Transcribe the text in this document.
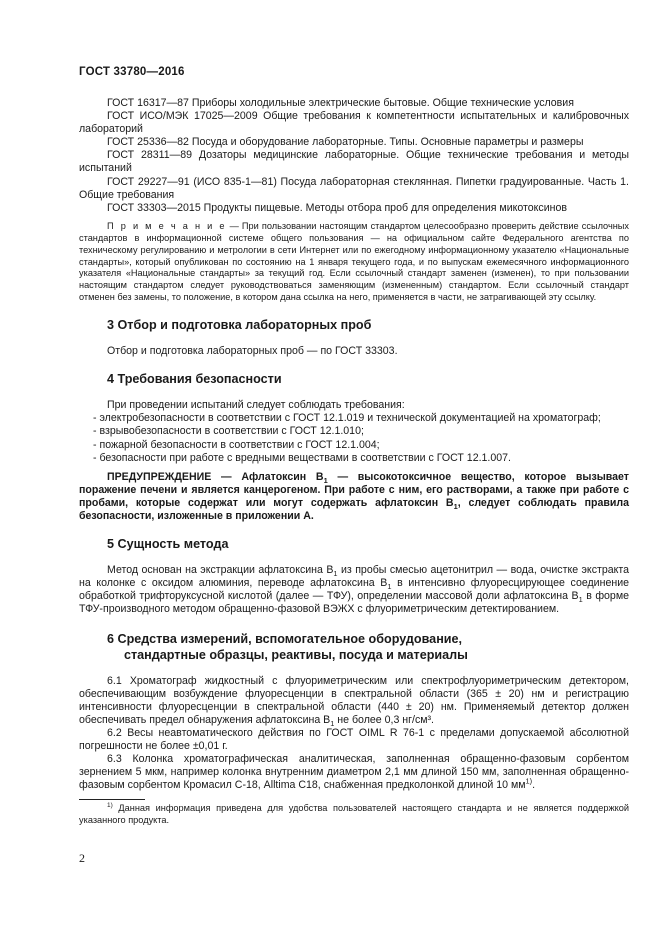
ГОСТ 33780—2016

ГОСТ 16317—87 Приборы холодильные электрические бытовые. Общие технические условия

ГОСТ ИСО/МЭК 17025—2009 Общие требования к компетентности испытательных и калибровочных лабораторий

ГОСТ 25336—82 Посуда и оборудование лабораторные. Типы. Основные параметры и размеры

ГОСТ 28311—89 Дозаторы медицинские лабораторные. Общие технические требования и методы испытаний

ГОСТ 29227—91 (ИСО 835-1—81) Посуда лабораторная стеклянная. Пипетки градуированные. Часть 1. Общие требования

ГОСТ 33303—2015 Продукты пищевые. Методы отбора проб для определения микотоксинов

П р и м е ч а н и е — При пользовании настоящим стандартом целесообразно проверить действие ссылочных стандартов в информационной системе общего пользования — на официальном сайте Федерального агентства по техническому регулированию и метрологии в сети Интернет или по ежегодному информационному указателю «Национальные стандарты», который опубликован по состоянию на 1 января текущего года, и по выпускам ежемесячного информационного указателя «Национальные стандарты» за текущий год. Если ссылочный стандарт заменен (изменен), то при пользовании настоящим стандартом следует руководствоваться заменяющим (измененным) стандартом. Если ссылочный стандарт отменен без замены, то положение, в котором дана ссылка на него, применяется в части, не затрагивающей эту ссылку.

3 Отбор и подготовка лабораторных проб

Отбор и подготовка лабораторных проб — по ГОСТ 33303.

4 Требования безопасности

При проведении испытаний следует соблюдать требования:

- электробезопасности в соответствии с ГОСТ 12.1.019 и технической документацией на хроматограф;

- взрывобезопасности в соответствии с ГОСТ 12.1.010;

- пожарной безопасности в соответствии с ГОСТ 12.1.004;

- безопасности при работе с вредными веществами в соответствии с ГОСТ 12.1.007.

ПРЕДУПРЕЖДЕНИЕ — Афлатоксин $В_1$ — высокотоксичное вещество, которое вызывает поражение печени и является канцерогеном. При работе с ним, его растворами, а также при работе с пробами, которые содержат или могут содержать афлатоксин $В_1$, следует соблюдать правила безопасности, изложенные в приложении А.

5 Сущность метода

Метод основан на экстракции афлатоксина $В_1$ из пробы смесью ацетонитрил — вода, очистке экстракта на колонке с оксидом алюминия, переводе афлатоксина $В_1$ в интенсивно флуоресцирующее соединение обработкой трифторуксусной кислотой (далее — ТФУ), определении массовой доли афлатоксина $В_1$ в форме ТФУ-производного методом обращенно-фазовой ВЭЖХ с флуориметрическим детектированием.

6 Средства измерений, вспомогательное оборудование,
стандартные образцы, реактивы, посуда и материалы

6.1 Хроматограф жидкостный с флуориметрическим или спектрофлуориметрическим детектором, обеспечивающим возбуждение флуоресценции в спектральной области (365 ± 20) нм и регистрацию интенсивности флуоресценции в спектральной области (440 ± 20) нм. Применяемый детектор должен обеспечивать предел обнаружения афлатоксина $В_1$ не более 0,3 нг/см³.

6.2 Весы неавтоматического действия по ГОСТ OIML R 76-1 с пределами допускаемой абсолютной погрешности не более ±0,01 г.

6.3 Колонка хроматографическая аналитическая, заполненная обращенно-фазовым сорбентом зернением 5 мкм, например колонка внутренним диаметром 2,1 мм длиной 150 мм, заполненная обращенно-фазовым сорбентом Кромасил С-18, Alltima C18, снабженная предколонкой длиной 10 $мм^{1)}$.

$^{1)}$ Данная информация приведена для удобства пользователей настоящего стандарта и не является поддержкой указанного продукта.

2
